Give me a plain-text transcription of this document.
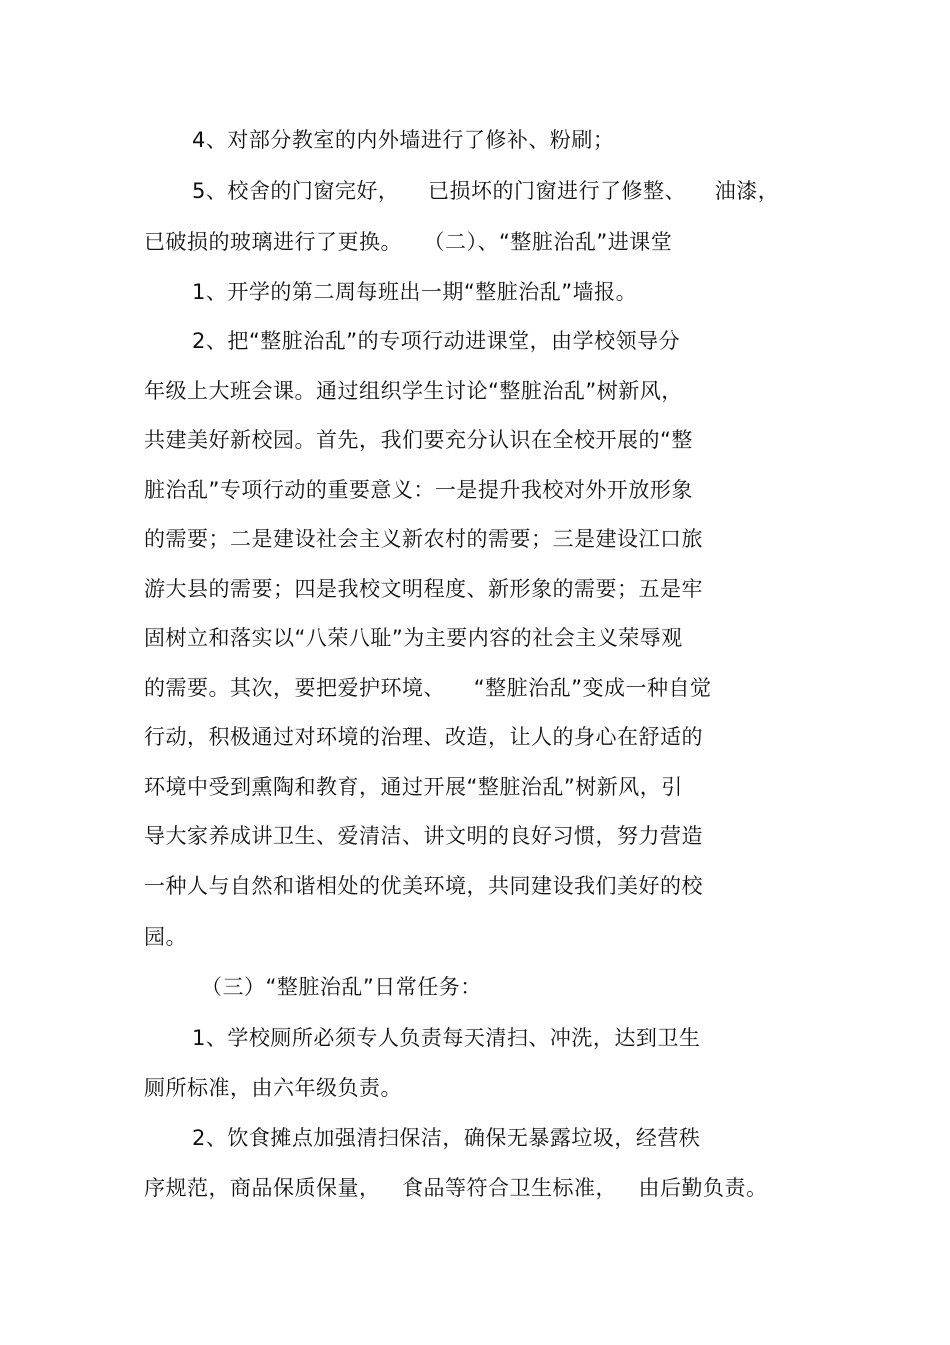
4、对部分教室的内外墙进行了修补、粉刷；
5、校舍的门窗完好，    已损坏的门窗进行了修整、    油漆，
已破损的玻璃进行了更换。   （二）、“整脏治乱”进课堂
1、开学的第二周每班出一期“整脏治乱”墙报。
2、把“整脏治乱”的专项行动进课堂，由学校领导分
年级上大班会课。通过组织学生讨论“整脏治乱”树新风，
共建美好新校园。首先，我们要充分认识在全校开展的“整
脏治乱”专项行动的重要意义：一是提升我校对外开放形象
的需要；二是建设社会主义新农村的需要；三是建设江口旅
游大县的需要；四是我校文明程度、新形象的需要；五是牢
固树立和落实以“八荣八耻”为主要内容的社会主义荣辱观
的需要。其次，要把爱护环境、    “整脏治乱”变成一种自觉
行动，积极通过对环境的治理、改造，让人的身心在舒适的
环境中受到熏陶和教育，通过开展“整脏治乱”树新风，引
导大家养成讲卫生、爱清洁、讲文明的良好习惯，努力营造
一种人与自然和谐相处的优美环境，共同建设我们美好的校
园。
（三）“整脏治乱”日常任务：
1、学校厕所必须专人负责每天清扫、冲洗，达到卫生
厕所标准，由六年级负责。
2、饮食摊点加强清扫保洁，确保无暴露垃圾，经营秩
序规范，商品保质保量，   食品等符合卫生标准，   由后勤负责。
